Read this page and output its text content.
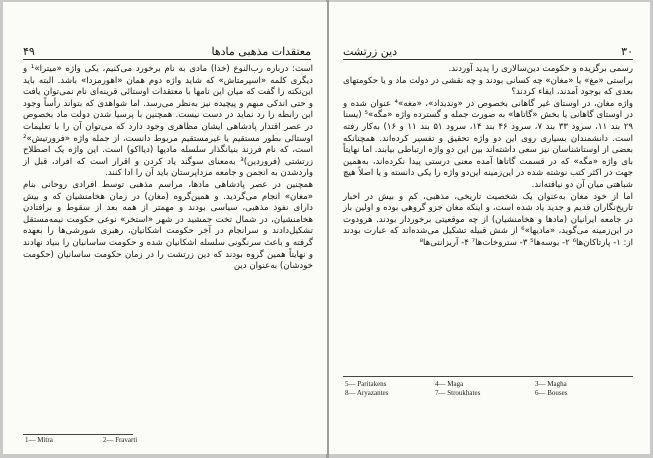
۴۹	معتقدات مذهبی مادها

است: درباره رب‌النوع (خدا) مادی به نام برخورد می‌کنیم، یکی واژه «میترا»¹ و دیگری کلمه «اسپرمتاش» که شاید واژه دوم همان «اهورمزدا» باشد. البته باید این‌نکته را گفت که میان این نامها با معتقدات اوستائی قرینه‌ای نام نمی‌توان یافت و حتی اندکی مبهم و پیچیده نیز به‌نظر می‌رسد. اما شواهدی که بتواند رأساً وجود این رابطه را رد نماید در دست نیست. همچنین با پرسیا شدن دولت ماد بخصوص در عصر اقتدار پادشاهی ایشان مظاهری وجود دارد که می‌توان آن را با تعلیمات اوستائی بطور مستقیم یا غیرمستقیم مربوط دانست، از جمله واژه «فرورتیش»² است، که نام فرزند بنیانگذار سلسله مادیها (دیااکو) است. این واژه یک اصطلاح زرتشتی (فروردین)³ به‌معنای سوگند یاد کردن و اقرار است که افراد، قبل از واردشدن به انجمن و جامعه مزداپرستان باید آن را ادا کنند.

همچنین در عصر پادشاهی مادها، مراسم مذهبی توسط افرادی روحانی بنام «مغان» انجام می‌گردید. و همین‌گروه (مغان) در زمان هخامنشیان که و بیش دارای نفوذ مذهبی، سیاسی بودند و مهمتر از همه بعد از سقوط و برافتادن هخامنشیان، در شمال تخت جمشید در شهر «استخر» نوعی حکومت نیمه‌مستقل تشکیل‌دادند و سرانجام در آخر حکومت اشکانیان، رهبری شورشی‌ها را بعهده گرفته و باعث سرنگونی سلسله اشکانیان شده و حکومت ساسانیان را بنیاد نهادند و نهایتاً همین گروه بودند که دین زرتشت را در زمان حکومت ساسانیان (حکومت خودشان) به‌عنوان دین

1— Mitra	2— Fravarti
دین زرتشت	۳۰

رسمی برگزیده و حکومت دین‌سالاری را پدید آوردند.

براستی «مغ» یا «مغان» چه کسانی بودند و چه نقشی در دولت ماد و یا حکومتهای بعدی که بوجود آمدند، ایفاء کردند؟

واژه مغان، در اوستای غیر گاهانی بخصوص در «وندیداد»، «مغه»⁴ عنوان شده و در اوستای گاهانی یا بخش «گاتاها» به صورت جمله و گسترده واژه «مگه»⁵ (یسنا ۲۹ بند ۱۱، سرود ۳۳ بند ۷، سرود ۴۶ بند ۱۴، سرود ۵۱ بند ۱۱ و ۱۶) به‌کار رفته است. دانشمندان بسیاری روی این دو واژه تحقیق و تفسیر کرده‌اند. همچنانکه بعضی از اوستاشناسان نیز سعی داشته‌اند بین این دو واژه ارتباطی بیابند. اما نهایتاً بای واژه «مگه» که در قسمت گاتاها آمده معنی درستی پیدا نکرده‌اند، به‌همین جهت در اکثر کتب نوشته شده در این‌زمینه این‌دو واژه را یکی دانسته و یا اصلاً هیچ شباهتی میان آن دو نیافته‌اند.

اما از خود مغان به‌عنوان یک شخصیت تاریخی، مذهبی، کم و بیش در اخبار تاریخ‌نگاران قدیم و جدید یاد شده است، و اینکه مغان جزو گروهی بوده و اولین بار در جامعه ایرانیان (مادها و هخامنشیان) از چه موقعیتی برخوردار بودند. هرودوت در این‌زمینه می‌گوید، «مادیها»⁶ از شش قبیله تشکیل می‌شده‌اند که عبارت بودند از: ۱- پارتاکان‌ها⁶ ۲- بوسه‌ها⁵ ۳- ستروخات‌ها⁷ ۴- آریزانتی‌ها⁸

3— Magha
4— Maga
5— Paritakens
6— Bouses
7— Stroukhates
8— Aryazantes
